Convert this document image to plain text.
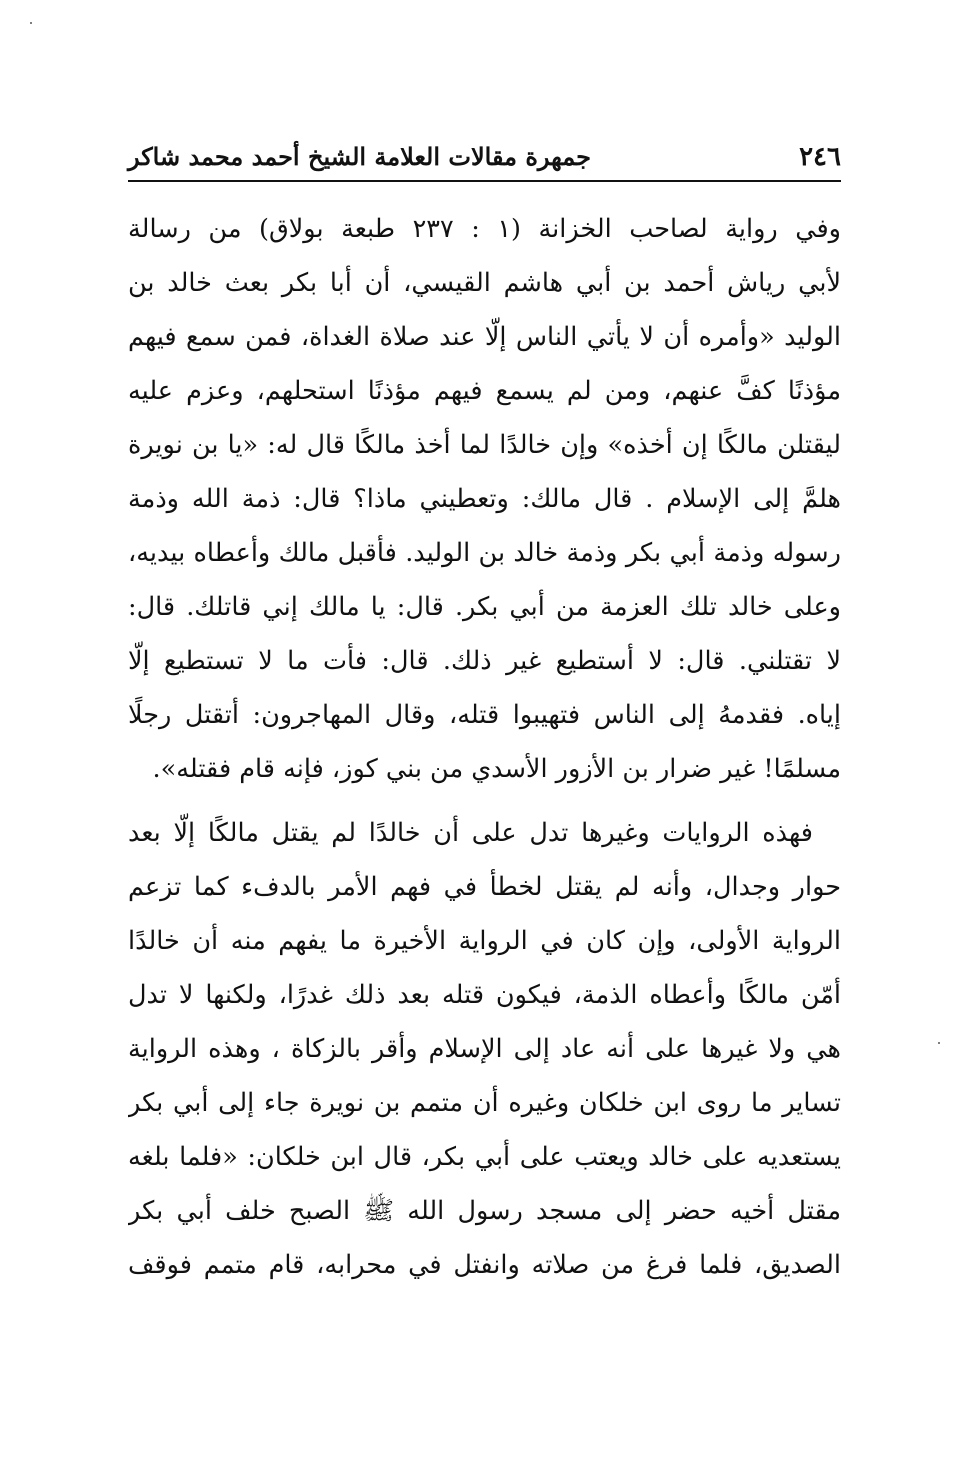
٢٤٦
جمهرة مقالات العلامة الشيخ أحمد محمد شاكر
وفي رواية لصاحب الخزانة (١ : ٢٣٧ طبعة بولاق) من رسالة
لأبي رياش أحمد بن أبي هاشم القيسي، أن أبا بكر بعث خالد بن
الوليد «وأمره أن لا يأتي الناس إلّا عند صلاة الغداة، فمن سمع فيهم
مؤذنًا كفَّ عنهم، ومن لم يسمع فيهم مؤذنًا استحلهم، وعزم عليه
ليقتلن مالكًا إن أخذه» وإن خالدًا لما أخذ مالكًا قال له: «يا بن نويرة
هلمَّ إلى الإسلام . قال مالك: وتعطيني ماذا؟ قال: ذمة الله وذمة
رسوله وذمة أبي بكر وذمة خالد بن الوليد. فأقبل مالك وأعطاه بيديه،
وعلى خالد تلك العزمة من أبي بكر. قال: يا مالك إني قاتلك. قال:
لا تقتلني. قال: لا أستطيع غير ذلك. قال: فأت ما لا تستطيع إلّا
إياه. فقدمهُ إلى الناس فتهيبوا قتله، وقال المهاجرون: أتقتل رجلًا
مسلمًا! غير ضرار بن الأزور الأسدي من بني كوز، فإنه قام فقتله».
فهذه الروايات وغيرها تدل على أن خالدًا لم يقتل مالكًا إلّا بعد
حوار وجدال، وأنه لم يقتل لخطأ في فهم الأمر بالدفء كما تزعم
الرواية الأولى، وإن كان في الرواية الأخيرة ما يفهم منه أن خالدًا
أمّن مالكًا وأعطاه الذمة، فيكون قتله بعد ذلك غدرًا، ولكنها لا تدل
هي ولا غيرها على أنه عاد إلى الإسلام وأقر بالزكاة ، وهذه الرواية
تساير ما روى ابن خلكان وغيره أن متمم بن نويرة جاء إلى أبي بكر
يستعديه على خالد ويعتب على أبي بكر، قال ابن خلكان: «فلما بلغه
مقتل أخيه حضر إلى مسجد رسول الله ﷺ الصبح خلف أبي بكر
الصديق، فلما فرغ من صلاته وانفتل في محرابه، قام متمم فوقف
